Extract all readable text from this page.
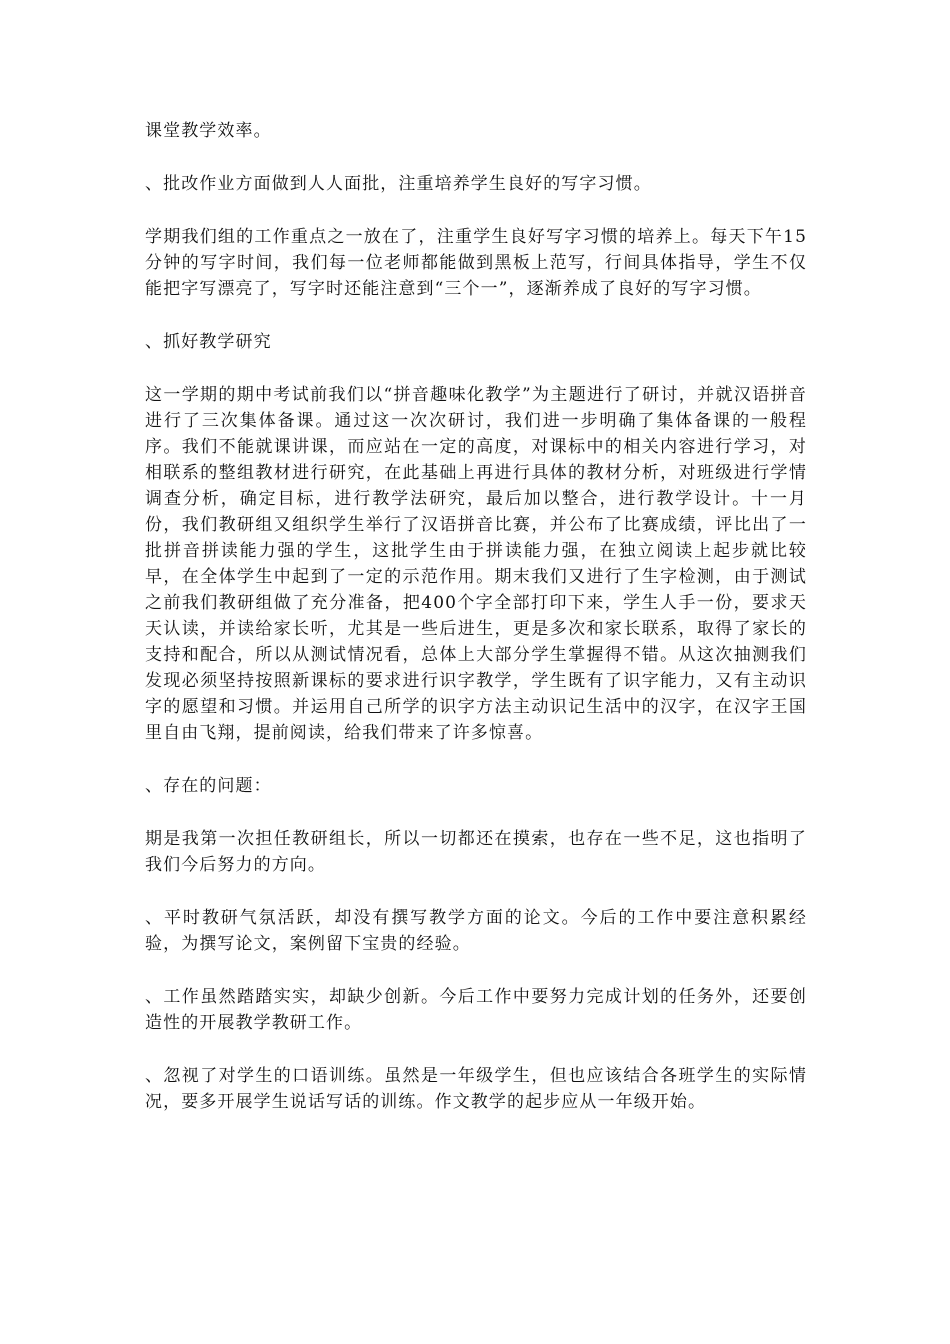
课堂教学效率。

、批改作业方面做到人人面批，注重培养学生良好的写字习惯。

学期我们组的工作重点之一放在了，注重学生良好写字习惯的培养上。每天下午15分钟的写字时间，我们每一位老师都能做到黑板上范写，行间具体指导，学生不仅能把字写漂亮了，写字时还能注意到“三个一”，逐渐养成了良好的写字习惯。

、抓好教学研究

这一学期的期中考试前我们以“拼音趣味化教学”为主题进行了研讨，并就汉语拼音进行了三次集体备课。通过这一次次研讨，我们进一步明确了集体备课的一般程序。我们不能就课讲课，而应站在一定的高度，对课标中的相关内容进行学习，对相联系的整组教材进行研究，在此基础上再进行具体的教材分析，对班级进行学情调查分析，确定目标，进行教学法研究，最后加以整合，进行教学设计。十一月份，我们教研组又组织学生举行了汉语拼音比赛，并公布了比赛成绩，评比出了一批拼音拼读能力强的学生，这批学生由于拼读能力强，在独立阅读上起步就比较早，在全体学生中起到了一定的示范作用。期末我们又进行了生字检测，由于测试之前我们教研组做了充分准备，把400个字全部打印下来，学生人手一份，要求天天认读，并读给家长听，尤其是一些后进生，更是多次和家长联系，取得了家长的支持和配合，所以从测试情况看，总体上大部分学生掌握得不错。从这次抽测我们发现必须坚持按照新课标的要求进行识字教学，学生既有了识字能力，又有主动识字的愿望和习惯。并运用自己所学的识字方法主动识记生活中的汉字，在汉字王国里自由飞翔，提前阅读，给我们带来了许多惊喜。

、存在的问题：

期是我第一次担任教研组长，所以一切都还在摸索，也存在一些不足，这也指明了我们今后努力的方向。

、平时教研气氛活跃，却没有撰写教学方面的论文。今后的工作中要注意积累经验，为撰写论文，案例留下宝贵的经验。

、工作虽然踏踏实实，却缺少创新。今后工作中要努力完成计划的任务外，还要创造性的开展教学教研工作。

、忽视了对学生的口语训练。虽然是一年级学生，但也应该结合各班学生的实际情况，要多开展学生说话写话的训练。作文教学的起步应从一年级开始。
